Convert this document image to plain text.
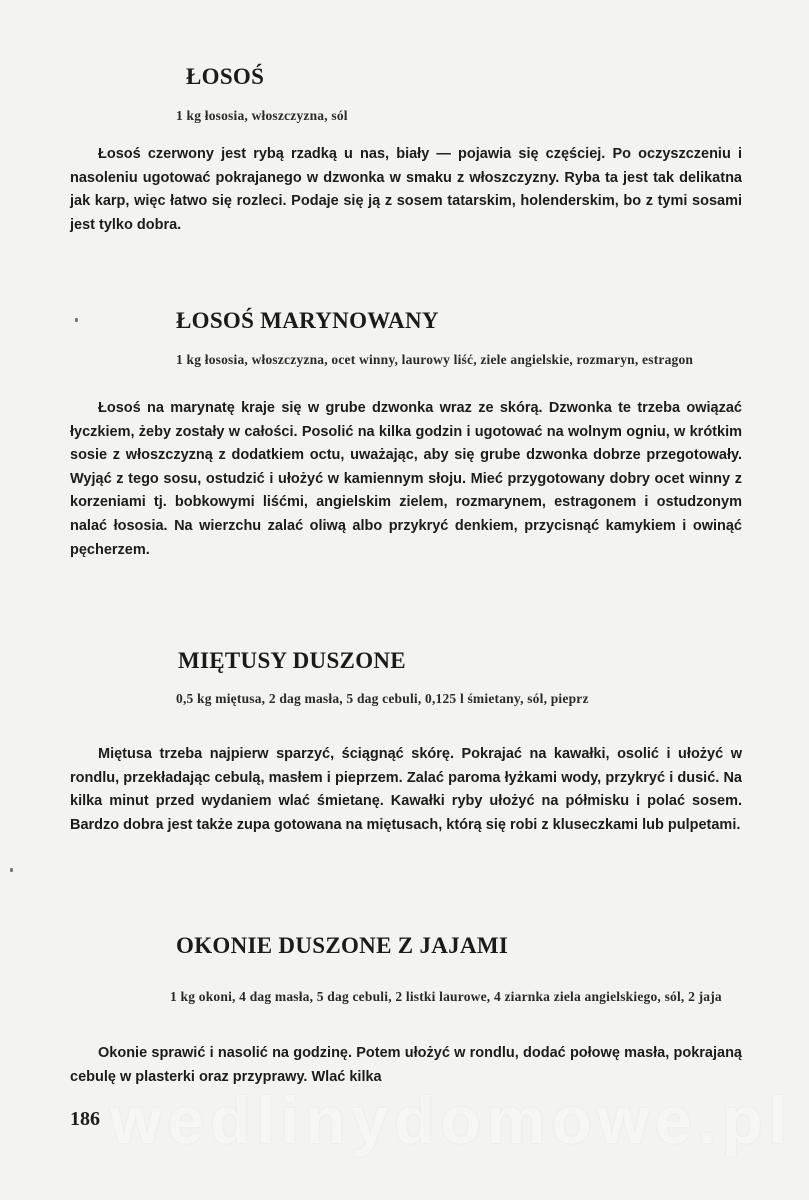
ŁOSOŚ
1 kg łososia, włoszczyzna, sól
Łosoś czerwony jest rybą rzadką u nas, biały — pojawia się częściej. Po oczyszczeniu i nasoleniu ugotować pokrajanego w dzwonka w smaku z włoszczyzny. Ryba ta jest tak delikatna jak karp, więc łatwo się rozleci. Podaje się ją z sosem tatarskim, holenderskim, bo z tymi sosami jest tylko dobra.
ŁOSOŚ MARYNOWANY
1 kg łososia, włoszczyzna, ocet winny, laurowy liść, ziele angielskie, rozmaryn, estragon
Łosoś na marynatę kraje się w grube dzwonka wraz ze skórą. Dzwonka te trzeba owiązać łyczkiem, żeby zostały w całości. Posolić na kilka godzin i ugotować na wolnym ogniu, w krótkim sosie z włoszczyzną z dodatkiem octu, uważając, aby się grube dzwonka dobrze przegotowały. Wyjąć z tego sosu, ostudzić i ułożyć w kamiennym słoju. Mieć przygotowany dobry ocet winny z korzeniami tj. bobkowymi liśćmi, angielskim zielem, rozmarynem, estragonem i ostudzonym nalać łososia. Na wierzchu zalać oliwą albo przykryć denkiem, przycisnąć kamykiem i owinąć pęcherzem.
MIĘTUSY DUSZONE
0,5 kg miętusa, 2 dag masła, 5 dag cebuli, 0,125 l śmietany, sól, pieprz
Miętusa trzeba najpierw sparzyć, ściągnąć skórę. Pokrajać na kawałki, osolić i ułożyć w rondlu, przekładając cebulą, masłem i pieprzem. Zalać paroma łyżkami wody, przykryć i dusić. Na kilka minut przed wydaniem wlać śmietanę. Kawałki ryby ułożyć na półmisku i polać sosem. Bardzo dobra jest także zupa gotowana na miętusach, którą się robi z kluseczkami lub pulpetami.
OKONIE DUSZONE Z JAJAMI
1 kg okoni, 4 dag masła, 5 dag cebuli, 2 listki laurowe, 4 ziarnka ziela angielskiego, sól, 2 jaja
Okonie sprawić i nasolić na godzinę. Potem ułożyć w rondlu, dodać połowę masła, pokrajaną cebulę w plasterki oraz przyprawy. Wlać kilka
wedlinydomowe.pl
186
